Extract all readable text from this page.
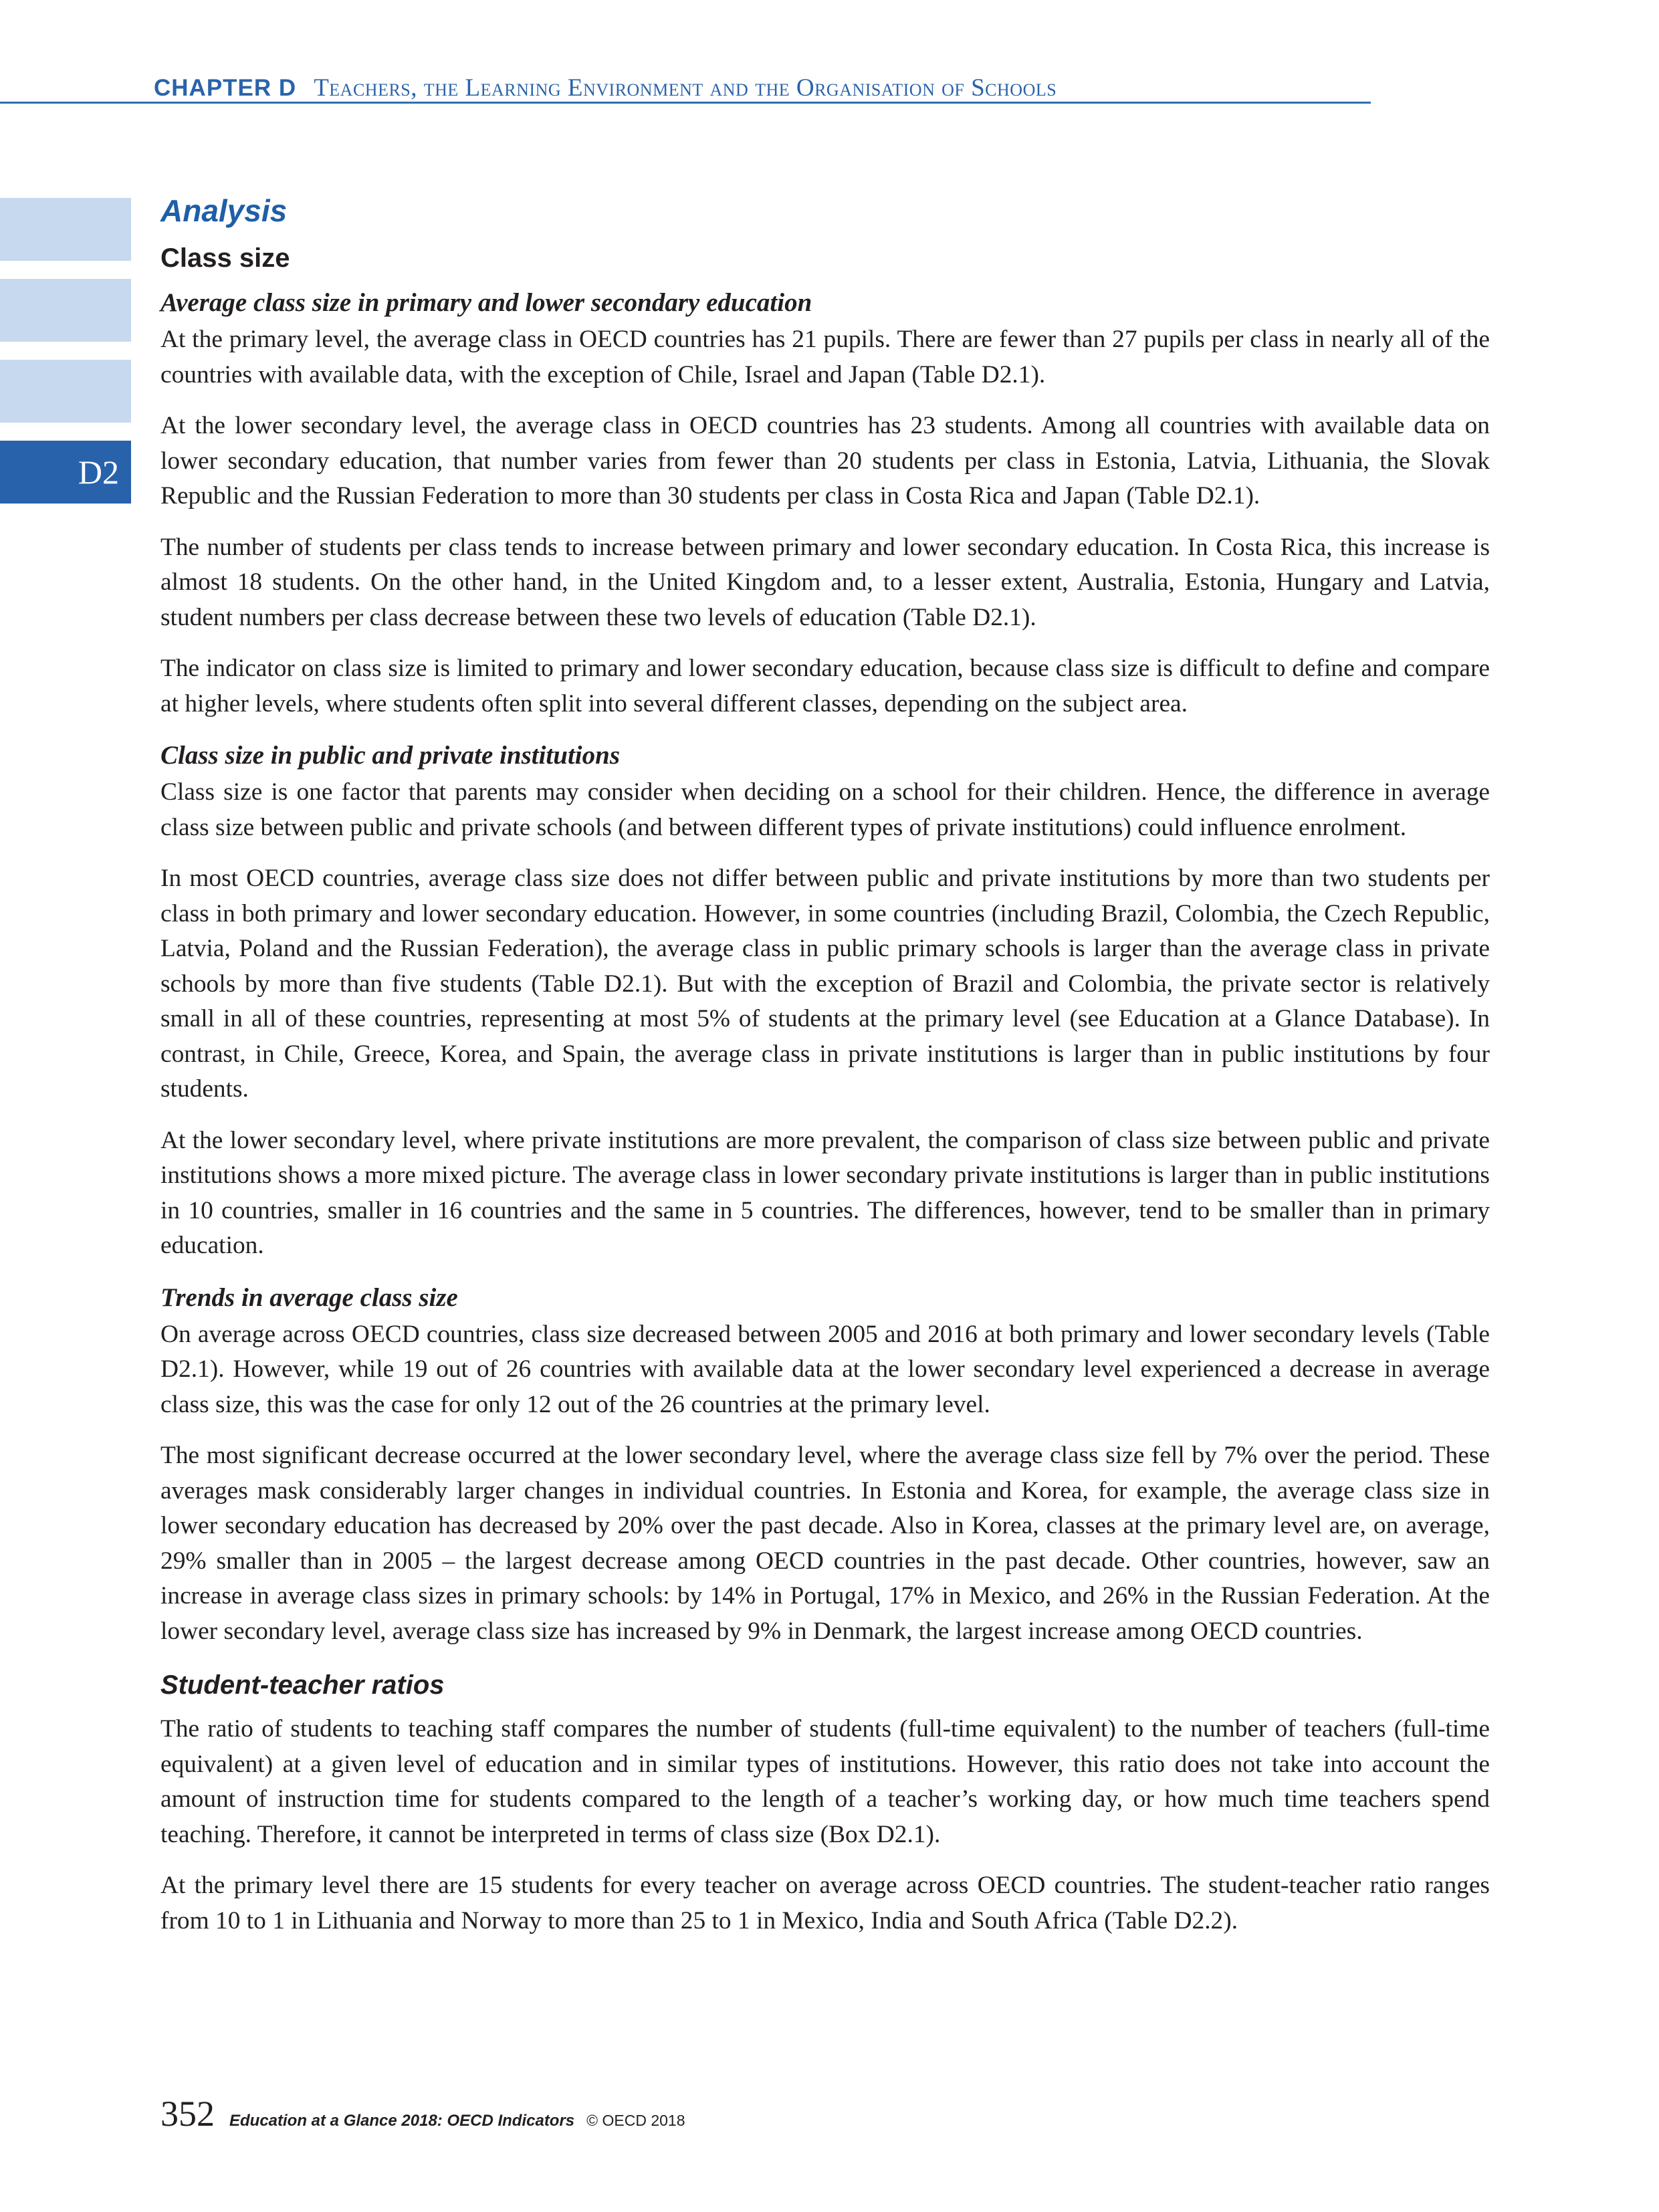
CHAPTER D Teachers, the Learning Environment and the Organisation of Schools
D2
Analysis
Class size
Average class size in primary and lower secondary education

At the primary level, the average class in OECD countries has 21 pupils. There are fewer than 27 pupils per class in nearly all of the countries with available data, with the exception of Chile, Israel and Japan (Table D2.1).

At the lower secondary level, the average class in OECD countries has 23 students. Among all countries with available data on lower secondary education, that number varies from fewer than 20 students per class in Estonia, Latvia, Lithuania, the Slovak Republic and the Russian Federation to more than 30 students per class in Costa Rica and Japan (Table D2.1).

The number of students per class tends to increase between primary and lower secondary education. In Costa Rica, this increase is almost 18 students. On the other hand, in the United Kingdom and, to a lesser extent, Australia, Estonia, Hungary and Latvia, student numbers per class decrease between these two levels of education (Table D2.1).

The indicator on class size is limited to primary and lower secondary education, because class size is difficult to define and compare at higher levels, where students often split into several different classes, depending on the subject area.

Class size in public and private institutions

Class size is one factor that parents may consider when deciding on a school for their children. Hence, the difference in average class size between public and private schools (and between different types of private institutions) could influence enrolment.

In most OECD countries, average class size does not differ between public and private institutions by more than two students per class in both primary and lower secondary education. However, in some countries (including Brazil, Colombia, the Czech Republic, Latvia, Poland and the Russian Federation), the average class in public primary schools is larger than the average class in private schools by more than five students (Table D2.1). But with the exception of Brazil and Colombia, the private sector is relatively small in all of these countries, representing at most 5% of students at the primary level (see Education at a Glance Database). In contrast, in Chile, Greece, Korea, and Spain, the average class in private institutions is larger than in public institutions by four students.

At the lower secondary level, where private institutions are more prevalent, the comparison of class size between public and private institutions shows a more mixed picture. The average class in lower secondary private institutions is larger than in public institutions in 10 countries, smaller in 16 countries and the same in 5 countries. The differences, however, tend to be smaller than in primary education.

Trends in average class size

On average across OECD countries, class size decreased between 2005 and 2016 at both primary and lower secondary levels (Table D2.1). However, while 19 out of 26 countries with available data at the lower secondary level experienced a decrease in average class size, this was the case for only 12 out of the 26 countries at the primary level.

The most significant decrease occurred at the lower secondary level, where the average class size fell by 7% over the period. These averages mask considerably larger changes in individual countries. In Estonia and Korea, for example, the average class size in lower secondary education has decreased by 20% over the past decade. Also in Korea, classes at the primary level are, on average, 29% smaller than in 2005 – the largest decrease among OECD countries in the past decade. Other countries, however, saw an increase in average class sizes in primary schools: by 14% in Portugal, 17% in Mexico, and 26% in the Russian Federation. At the lower secondary level, average class size has increased by 9% in Denmark, the largest increase among OECD countries.

Student-teacher ratios

The ratio of students to teaching staff compares the number of students (full-time equivalent) to the number of teachers (full-time equivalent) at a given level of education and in similar types of institutions. However, this ratio does not take into account the amount of instruction time for students compared to the length of a teacher’s working day, or how much time teachers spend teaching. Therefore, it cannot be interpreted in terms of class size (Box D2.1).

At the primary level there are 15 students for every teacher on average across OECD countries. The student-teacher ratio ranges from 10 to 1 in Lithuania and Norway to more than 25 to 1 in Mexico, India and South Africa (Table D2.2).

352 Education at a Glance 2018: OECD Indicators © OECD 2018
